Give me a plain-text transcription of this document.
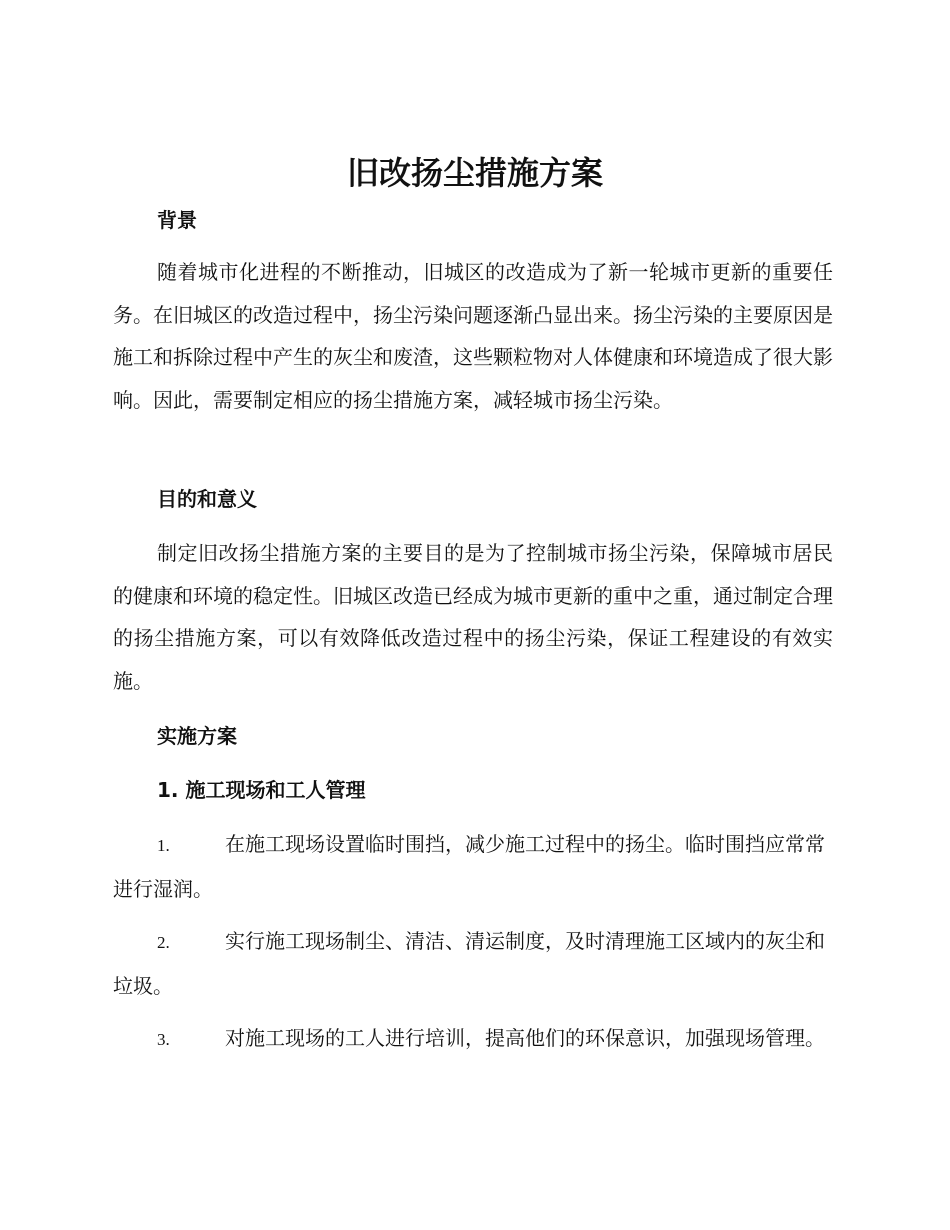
旧改扬尘措施方案
背景

随着城市化进程的不断推动，旧城区的改造成为了新一轮城市更新的重要任务。在旧城区的改造过程中，扬尘污染问题逐渐凸显出来。扬尘污染的主要原因是施工和拆除过程中产生的灰尘和废渣，这些颗粒物对人体健康和环境造成了很大影响。因此，需要制定相应的扬尘措施方案，减轻城市扬尘污染。

目的和意义

制定旧改扬尘措施方案的主要目的是为了控制城市扬尘污染，保障城市居民的健康和环境的稳定性。旧城区改造已经成为城市更新的重中之重，通过制定合理的扬尘措施方案，可以有效降低改造过程中的扬尘污染，保证工程建设的有效实施。

实施方案
1. 施工现场和工人管理

1.	在施工现场设置临时围挡，减少施工过程中的扬尘。临时围挡应常常进行湿润。

2.	实行施工现场制尘、清洁、清运制度，及时清理施工区域内的灰尘和垃圾。

3.	对施工现场的工人进行培训，提高他们的环保意识，加强现场管理。
